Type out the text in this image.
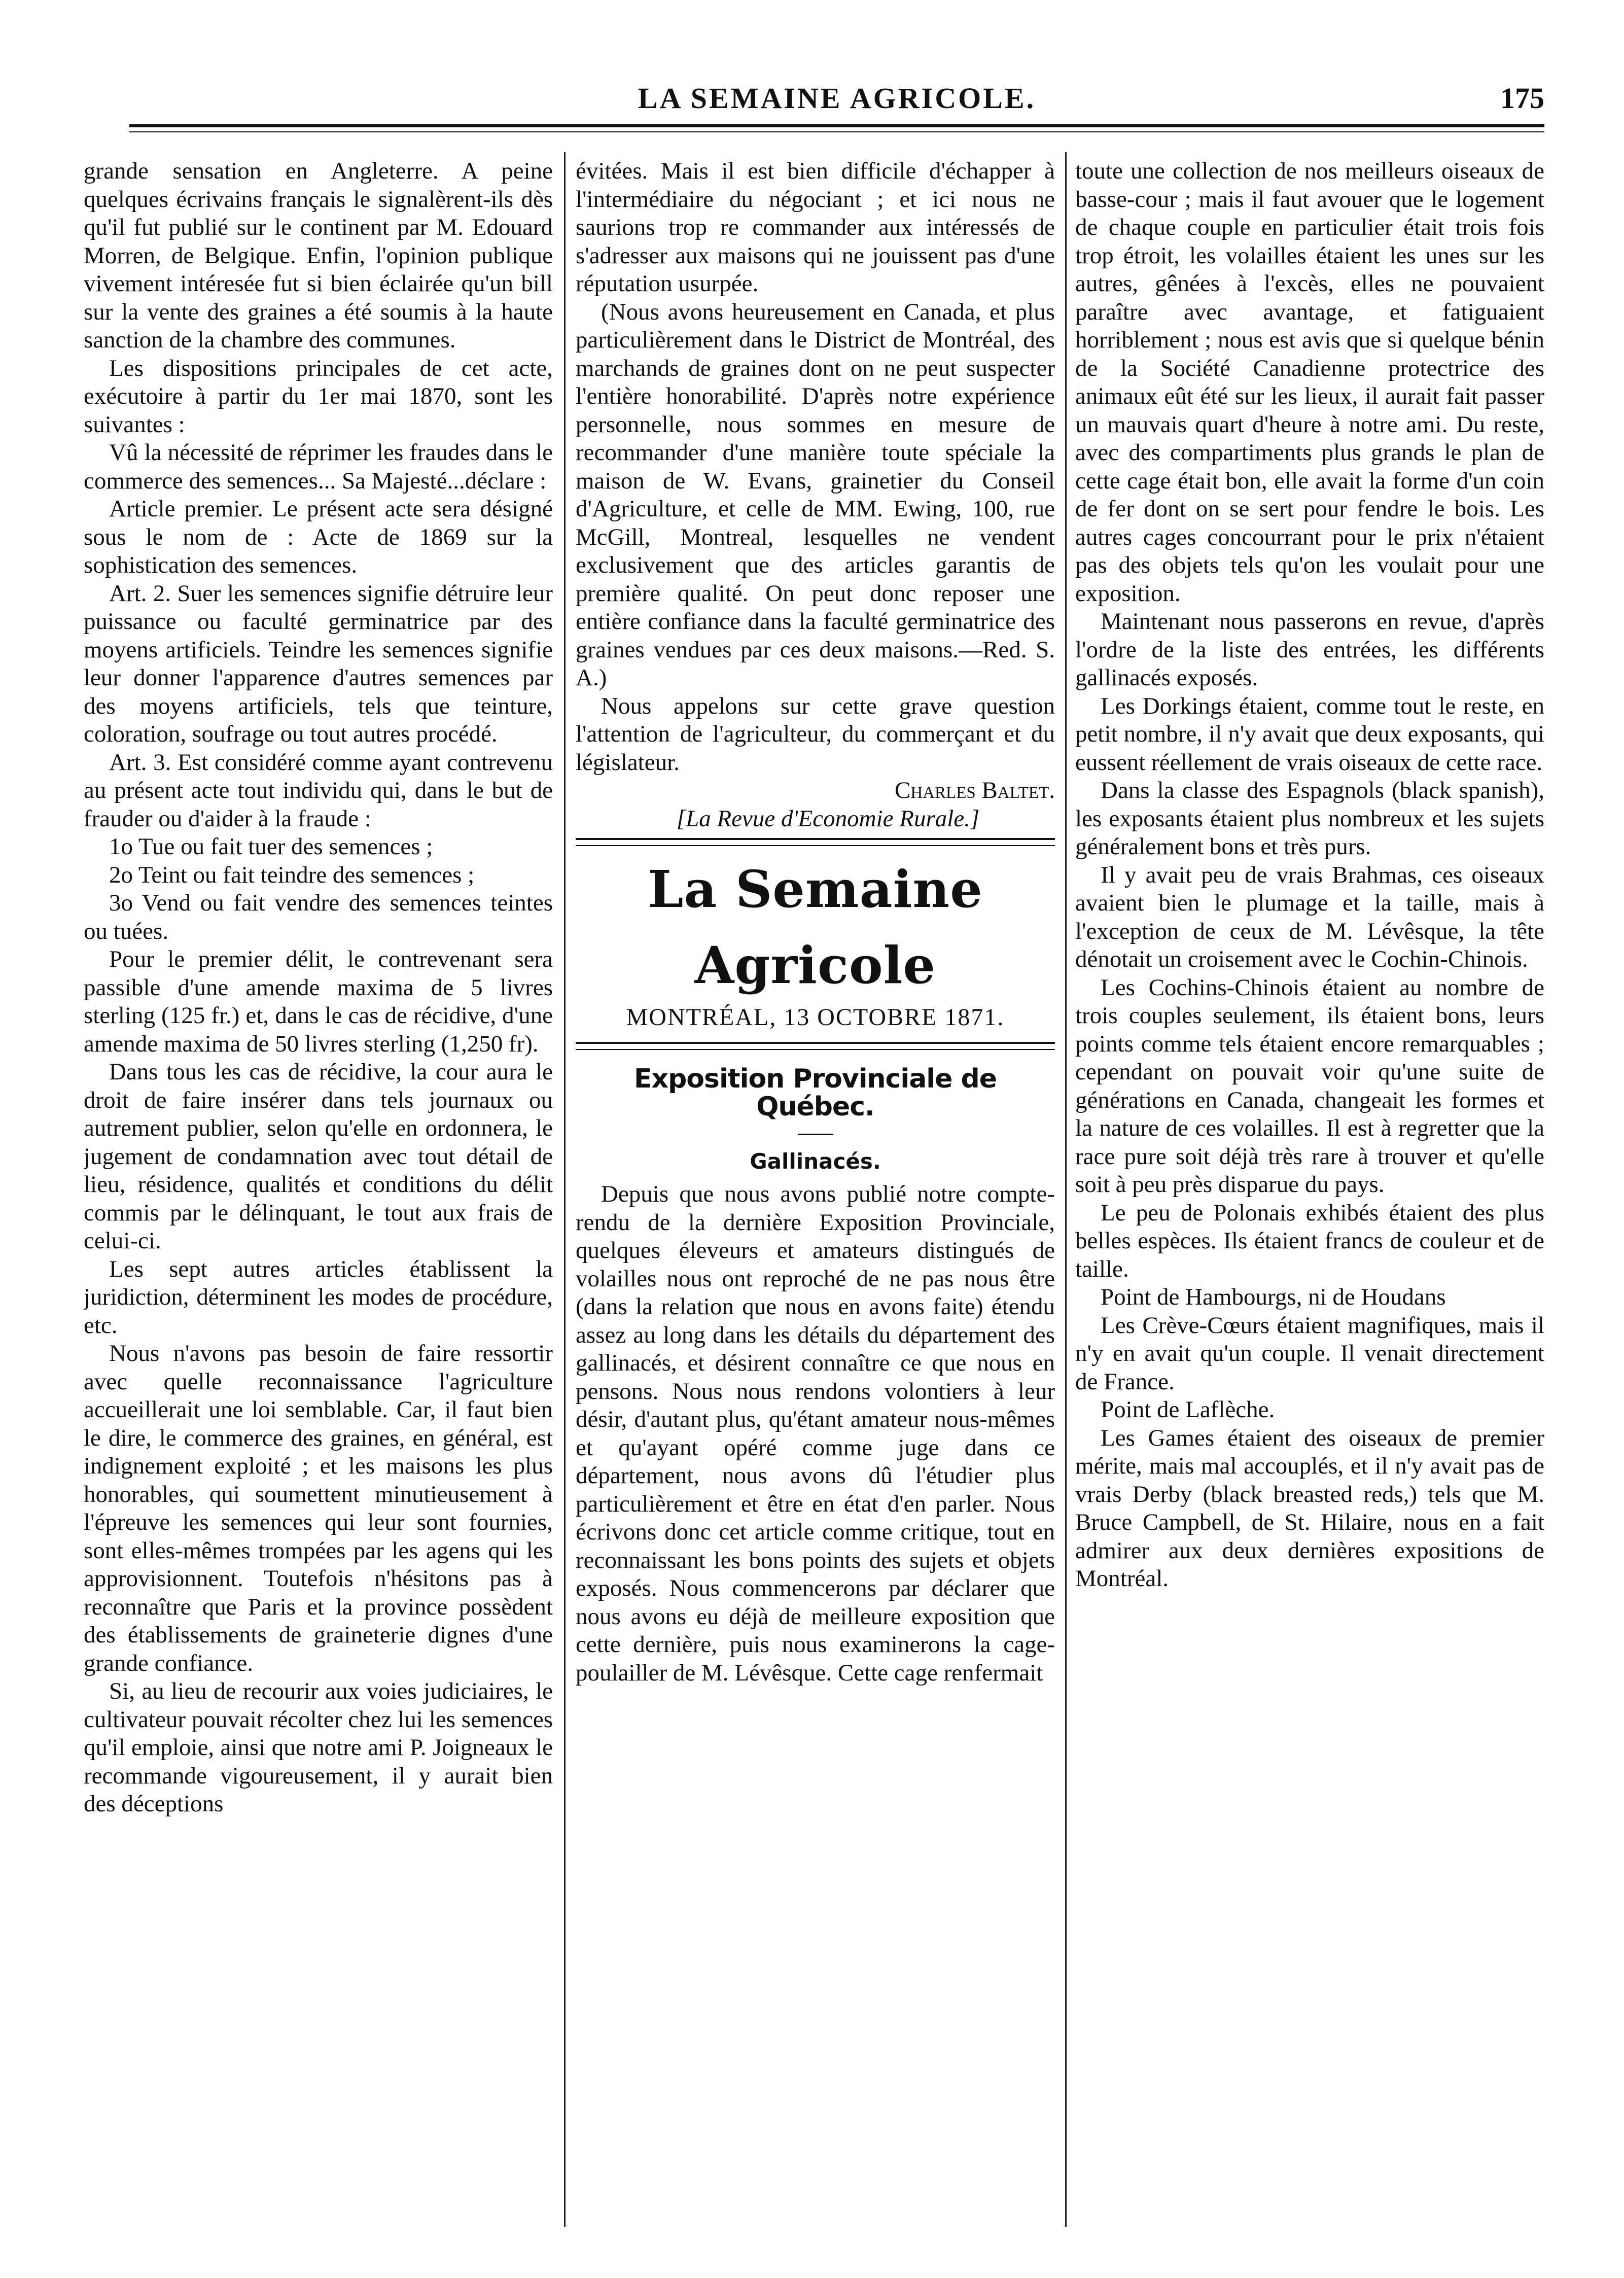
LA SEMAINE AGRICOLE.	175

grande sensation en Angleterre. A peine quelques écrivains français le signalèrent-ils dès qu'il fut publié sur le continent par M. Edouard Morren, de Belgique. Enfin, l'opinion publique vivement intéresée fut si bien éclairée qu'un bill sur la vente des graines a été soumis à la haute sanction de la chambre des communes.

Les dispositions principales de cet acte, exécutoire à partir du 1er mai 1870, sont les suivantes :

Vû la nécessité de réprimer les fraudes dans le commerce des semences... Sa Majesté...déclare :

Article premier. Le présent acte sera désigné sous le nom de : Acte de 1869 sur la sophistication des semences.

Art. 2. Suer les semences signifie détruire leur puissance ou faculté germinatrice par des moyens artificiels. Teindre les semences signifie leur donner l'apparence d'autres semences par des moyens artificiels, tels que teinture, coloration, soufrage ou tout autres procédé.

Art. 3. Est considéré comme ayant contrevenu au présent acte tout individu qui, dans le but de frauder ou d'aider à la fraude :

1o Tue ou fait tuer des semences ;

2o Teint ou fait teindre des semences ;

3o Vend ou fait vendre des semences teintes ou tuées.

Pour le premier délit, le contrevenant sera passible d'une amende maxima de 5 livres sterling (125 fr.) et, dans le cas de récidive, d'une amende maxima de 50 livres sterling (1,250 fr).

Dans tous les cas de récidive, la cour aura le droit de faire insérer dans tels journaux ou autrement publier, selon qu'elle en ordonnera, le jugement de condamnation avec tout détail de lieu, résidence, qualités et conditions du délit commis par le délinquant, le tout aux frais de celui-ci.

Les sept autres articles établissent la juridiction, déterminent les modes de procédure, etc.

Nous n'avons pas besoin de faire ressortir avec quelle reconnaissance l'agriculture accueillerait une loi semblable. Car, il faut bien le dire, le commerce des graines, en général, est indignement exploité ; et les maisons les plus honorables, qui soumettent minutieusement à l'épreuve les semences qui leur sont fournies, sont elles-mêmes trompées par les agens qui les approvisionnent. Toutefois n'hésitons pas à reconnaître que Paris et la province possèdent des établissements de graineterie dignes d'une grande confiance.

Si, au lieu de recourir aux voies judiciaires, le cultivateur pouvait récolter chez lui les semences qu'il emploie, ainsi que notre ami P. Joigneaux le recommande vigoureusement, il y aurait bien des déceptions

évitées. Mais il est bien difficile d'échapper à l'intermédiaire du négociant ; et ici nous ne saurions trop re commander aux intéressés de s'adresser aux maisons qui ne jouissent pas d'une réputation usurpée.

(Nous avons heureusement en Canada, et plus particulièrement dans le District de Montréal, des marchands de graines dont on ne peut suspecter l'entière honorabilité. D'après notre expérience personnelle, nous sommes en mesure de recommander d'une manière toute spéciale la maison de W. Evans, grainetier du Conseil d'Agriculture, et celle de MM. Ewing, 100, rue McGill, Montreal, lesquelles ne vendent exclusivement que des articles garantis de première qualité. On peut donc reposer une entière confiance dans la faculté germinatrice des graines vendues par ces deux maisons.—Red. S. A.)

Nous appelons sur cette grave question l'attention de l'agriculteur, du commerçant et du législateur.

Charles Baltet.

[La Revue d'Economie Rurale.]

La Semaine Agricole
MONTRÉAL, 13 OCTOBRE 1871.
Exposition Provinciale de Québec.
Gallinacés.

Depuis que nous avons publié notre compte-rendu de la dernière Exposition Provinciale, quelques éleveurs et amateurs distingués de volailles nous ont reproché de ne pas nous être (dans la relation que nous en avons faite) étendu assez au long dans les détails du département des gallinacés, et désirent connaître ce que nous en pensons. Nous nous rendons volontiers à leur désir, d'autant plus, qu'étant amateur nous-mêmes et qu'ayant opéré comme juge dans ce département, nous avons dû l'étudier plus particulièrement et être en état d'en parler. Nous écrivons donc cet article comme critique, tout en reconnaissant les bons points des sujets et objets exposés. Nous commencerons par déclarer que nous avons eu déjà de meilleure exposition que cette dernière, puis nous examinerons la cage-poulailler de M. Lévêsque. Cette cage renfermait

toute une collection de nos meilleurs oiseaux de basse-cour ; mais il faut avouer que le logement de chaque couple en particulier était trois fois trop étroit, les volailles étaient les unes sur les autres, gênées à l'excès, elles ne pouvaient paraître avec avantage, et fatiguaient horriblement ; nous est avis que si quelque bénin de la Société Canadienne protectrice des animaux eût été sur les lieux, il aurait fait passer un mauvais quart d'heure à notre ami. Du reste, avec des compartiments plus grands le plan de cette cage était bon, elle avait la forme d'un coin de fer dont on se sert pour fendre le bois. Les autres cages concourrant pour le prix n'étaient pas des objets tels qu'on les voulait pour une exposition.

Maintenant nous passerons en revue, d'après l'ordre de la liste des entrées, les différents gallinacés exposés.

Les Dorkings étaient, comme tout le reste, en petit nombre, il n'y avait que deux exposants, qui eussent réellement de vrais oiseaux de cette race.

Dans la classe des Espagnols (black spanish), les exposants étaient plus nombreux et les sujets généralement bons et très purs.

Il y avait peu de vrais Brahmas, ces oiseaux avaient bien le plumage et la taille, mais à l'exception de ceux de M. Lévêsque, la tête dénotait un croisement avec le Cochin-Chinois.

Les Cochins-Chinois étaient au nombre de trois couples seulement, ils étaient bons, leurs points comme tels étaient encore remarquables ; cependant on pouvait voir qu'une suite de générations en Canada, changeait les formes et la nature de ces volailles. Il est à regretter que la race pure soit déjà très rare à trouver et qu'elle soit à peu près disparue du pays.

Le peu de Polonais exhibés étaient des plus belles espèces. Ils étaient francs de couleur et de taille.

Point de Hambourgs, ni de Houdans

Les Crève-Cœurs étaient magnifiques, mais il n'y en avait qu'un couple. Il venait directement de France.

Point de Laflèche.

Les Games étaient des oiseaux de premier mérite, mais mal accouplés, et il n'y avait pas de vrais Derby (black breasted reds,) tels que M. Bruce Campbell, de St. Hilaire, nous en a fait admirer aux deux dernières expositions de Montréal.
